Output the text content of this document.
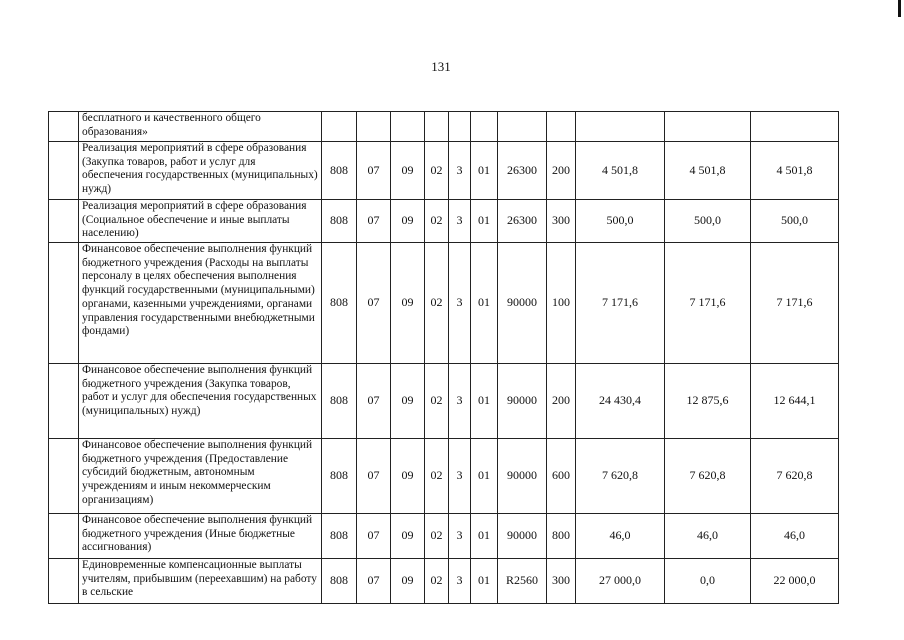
131
	бесплатного и качественного общего образования»											
	Реализация мероприятий в сфере образования (Закупка товаров, работ и услуг для обеспечения государственных (муниципальных) нужд)	808	07	09	02	3	01	26300	200	4 501,8	4 501,8	4 501,8
	Реализация мероприятий в сфере образования (Социальное обеспечение и иные выплаты населению)	808	07	09	02	3	01	26300	300	500,0	500,0	500,0
	Финансовое обеспечение выполнения функций бюджетного учреждения (Расходы на выплаты персоналу в целях обеспечения выполнения функций государственными (муниципальными) органами, казенными учреждениями, органами управления государственными внебюджетными фондами)	808	07	09	02	3	01	90000	100	7 171,6	7 171,6	7 171,6
	Финансовое обеспечение выполнения функций бюджетного учреждения (Закупка товаров, работ и услуг для обеспечения государственных (муниципальных) нужд)	808	07	09	02	3	01	90000	200	24 430,4	12 875,6	12 644,1
	Финансовое обеспечение выполнения функций бюджетного учреждения (Предоставление субсидий бюджетным, автономным учреждениям и иным некоммерческим организациям)	808	07	09	02	3	01	90000	600	7 620,8	7 620,8	7 620,8
	Финансовое обеспечение выполнения функций бюджетного учреждения (Иные бюджетные ассигнования)	808	07	09	02	3	01	90000	800	46,0	46,0	46,0
	Единовременные компенсационные выплаты учителям, прибывшим (переехавшим) на работу в сельские	808	07	09	02	3	01	R2560	300	27 000,0	0,0	22 000,0
